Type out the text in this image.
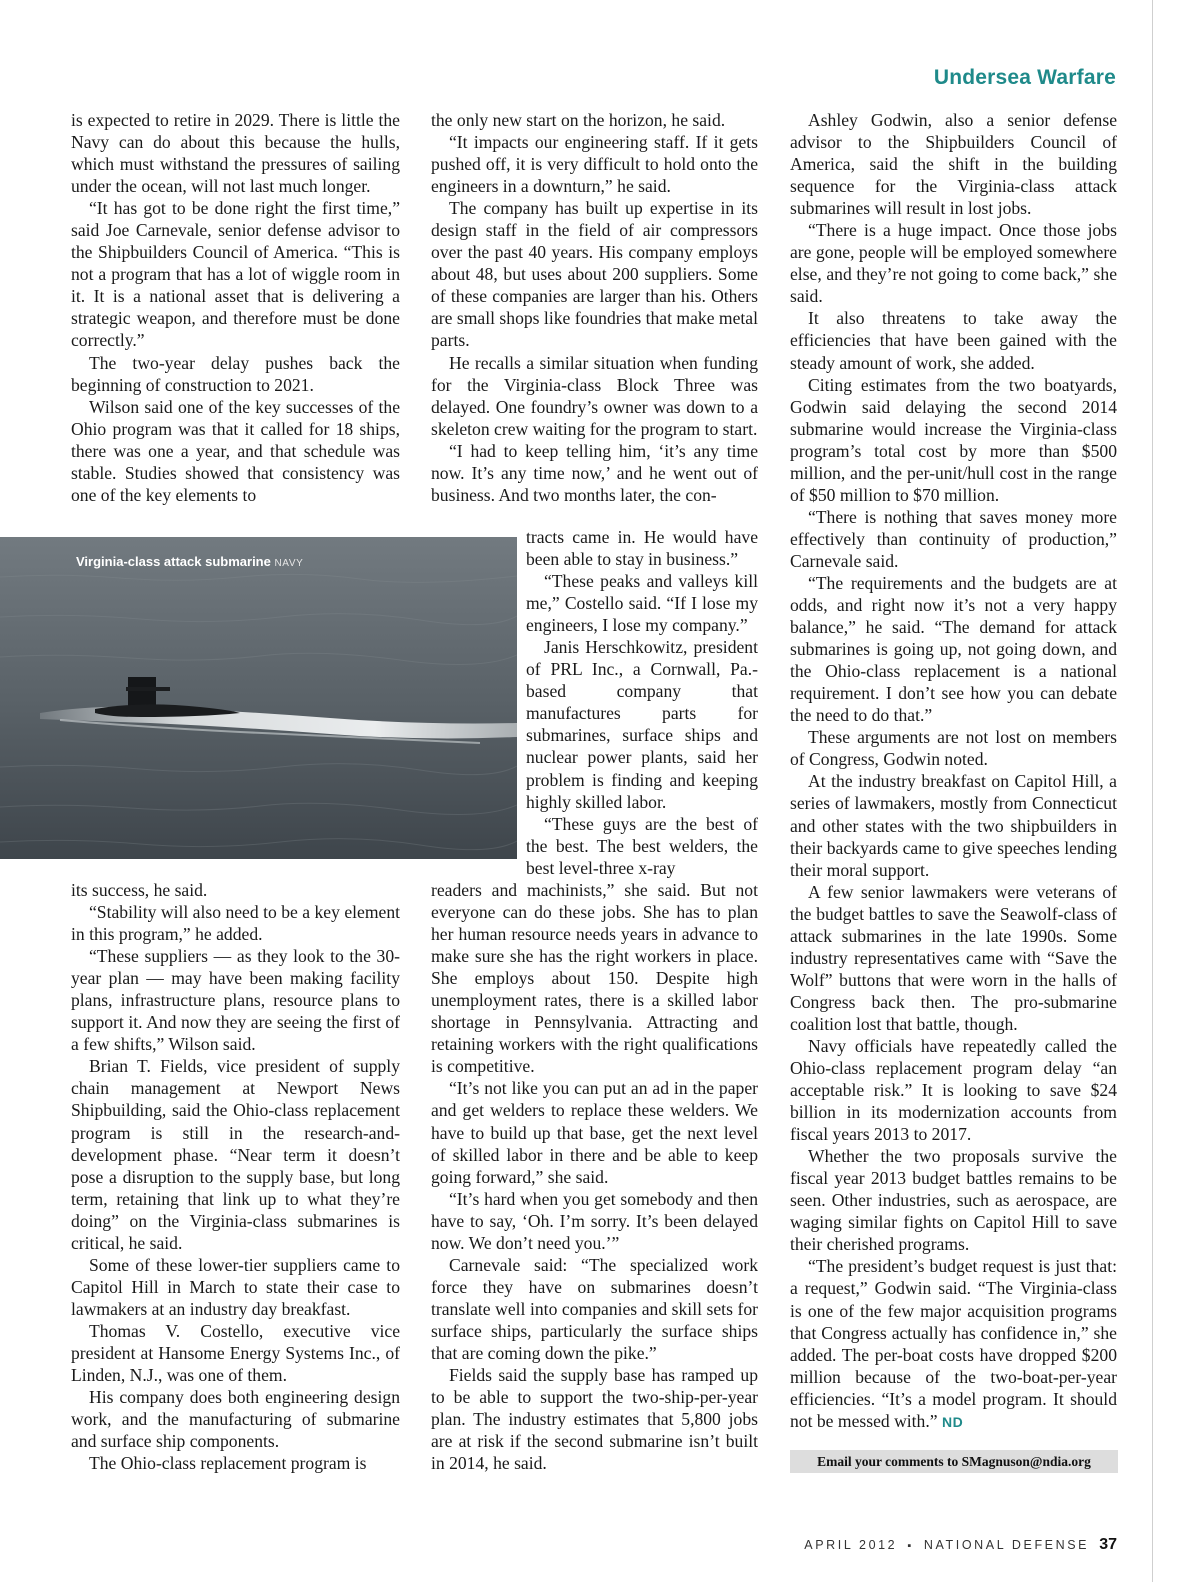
Undersea Warfare

is expected to retire in 2029. There is little the Navy can do about this because the hulls, which must withstand the pressures of sailing under the ocean, will not last much longer.

“It has got to be done right the first time,” said Joe Carnevale, senior defense advisor to the Shipbuilders Council of America. “This is not a program that has a lot of wiggle room in it. It is a national asset that is delivering a strategic weapon, and therefore must be done correctly.”

The two-year delay pushes back the beginning of construction to 2021.

Wilson said one of the key successes of the Ohio program was that it called for 18 ships, there was one a year, and that schedule was stable. Studies showed that consistency was one of the key elements to

the only new start on the horizon, he said.

“It impacts our engineering staff. If it gets pushed off, it is very difficult to hold onto the engineers in a downturn,” he said.

The company has built up expertise in its design staff in the field of air compressors over the past 40 years. His company employs about 48, but uses about 200 suppliers. Some of these companies are larger than his. Others are small shops like foundries that make metal parts.

He recalls a similar situation when funding for the Virginia-class Block Three was delayed. One foundry’s owner was down to a skeleton crew waiting for the program to start.

“I had to keep telling him, ‘it’s any time now. It’s any time now,’ and he went out of business. And two months later, the con-

tracts came in. He would have been able to stay in business.”

“These peaks and valleys kill me,” Costello said. “If I lose my engineers, I lose my company.”

Janis Herschkowitz, president of PRL Inc., a Cornwall, Pa.-based company that manufactures parts for submarines, surface ships and nuclear power plants, said her problem is finding and keeping highly skilled labor.

“These guys are the best of the best. The best welders, the best level-three x-ray

its success, he said.

“Stability will also need to be a key element in this program,” he added.

“These suppliers — as they look to the 30-year plan — may have been making facility plans, infrastructure plans, resource plans to support it. And now they are seeing the first of a few shifts,” Wilson said.

Brian T. Fields, vice president of supply chain management at Newport News Shipbuilding, said the Ohio-class replacement program is still in the research-and-development phase. “Near term it doesn’t pose a disruption to the supply base, but long term, retaining that link up to what they’re doing” on the Virginia-class submarines is critical, he said.

Some of these lower-tier suppliers came to Capitol Hill in March to state their case to lawmakers at an industry day breakfast.

Thomas V. Costello, executive vice president at Hansome Energy Systems Inc., of Linden, N.J., was one of them.

His company does both engineering design work, and the manufacturing of submarine and surface ship components.

The Ohio-class replacement program is

readers and machinists,” she said. But not everyone can do these jobs. She has to plan her human resource needs years in advance to make sure she has the right workers in place. She employs about 150. Despite high unemployment rates, there is a skilled labor shortage in Pennsylvania. Attracting and retaining workers with the right qualifications is competitive.

“It’s not like you can put an ad in the paper and get welders to replace these welders. We have to build up that base, get the next level of skilled labor in there and be able to keep going forward,” she said.

“It’s hard when you get somebody and then have to say, ‘Oh. I’m sorry. It’s been delayed now. We don’t need you.’”

Carnevale said: “The specialized work force they have on submarines doesn’t translate well into companies and skill sets for surface ships, particularly the surface ships that are coming down the pike.”

Fields said the supply base has ramped up to be able to support the two-ship-per-year plan. The industry estimates that 5,800 jobs are at risk if the second submarine isn’t built in 2014, he said.

Ashley Godwin, also a senior defense advisor to the Shipbuilders Council of America, said the shift in the building sequence for the Virginia-class attack submarines will result in lost jobs.

“There is a huge impact. Once those jobs are gone, people will be employed somewhere else, and they’re not going to come back,” she said.

It also threatens to take away the efficiencies that have been gained with the steady amount of work, she added.

Citing estimates from the two boatyards, Godwin said delaying the second 2014 submarine would increase the Virginia-class program’s total cost by more than $500 million, and the per-unit/hull cost in the range of $50 million to $70 million.

“There is nothing that saves money more effectively than continuity of production,” Carnevale said.

“The requirements and the budgets are at odds, and right now it’s not a very happy balance,” he said. “The demand for attack submarines is going up, not going down, and the Ohio-class replacement is a national requirement. I don’t see how you can debate the need to do that.”

These arguments are not lost on members of Congress, Godwin noted.

At the industry breakfast on Capitol Hill, a series of lawmakers, mostly from Connecticut and other states with the two shipbuilders in their backyards came to give speeches lending their moral support.

A few senior lawmakers were veterans of the budget battles to save the Seawolf-class of attack submarines in the late 1990s. Some industry representatives came with “Save the Wolf” buttons that were worn in the halls of Congress back then. The pro-submarine coalition lost that battle, though.

Navy officials have repeatedly called the Ohio-class replacement program delay “an acceptable risk.” It is looking to save $24 billion in its modernization accounts from fiscal years 2013 to 2017.

Whether the two proposals survive the fiscal year 2013 budget battles remains to be seen. Other industries, such as aerospace, are waging similar fights on Capitol Hill to save their cherished programs.

“The president’s budget request is just that: a request,” Godwin said. “The Virginia-class is one of the few major acquisition programs that Congress actually has confidence in,” she added. The per-boat costs have dropped $200 million because of the two-boat-per-year efficiencies. “It’s a model program. It should not be messed with.” ND

Virginia-class attack submarine NAVY
Email your comments to SMagnuson@ndia.org
APRIL 2012 ▪ NATIONAL DEFENSE 37
